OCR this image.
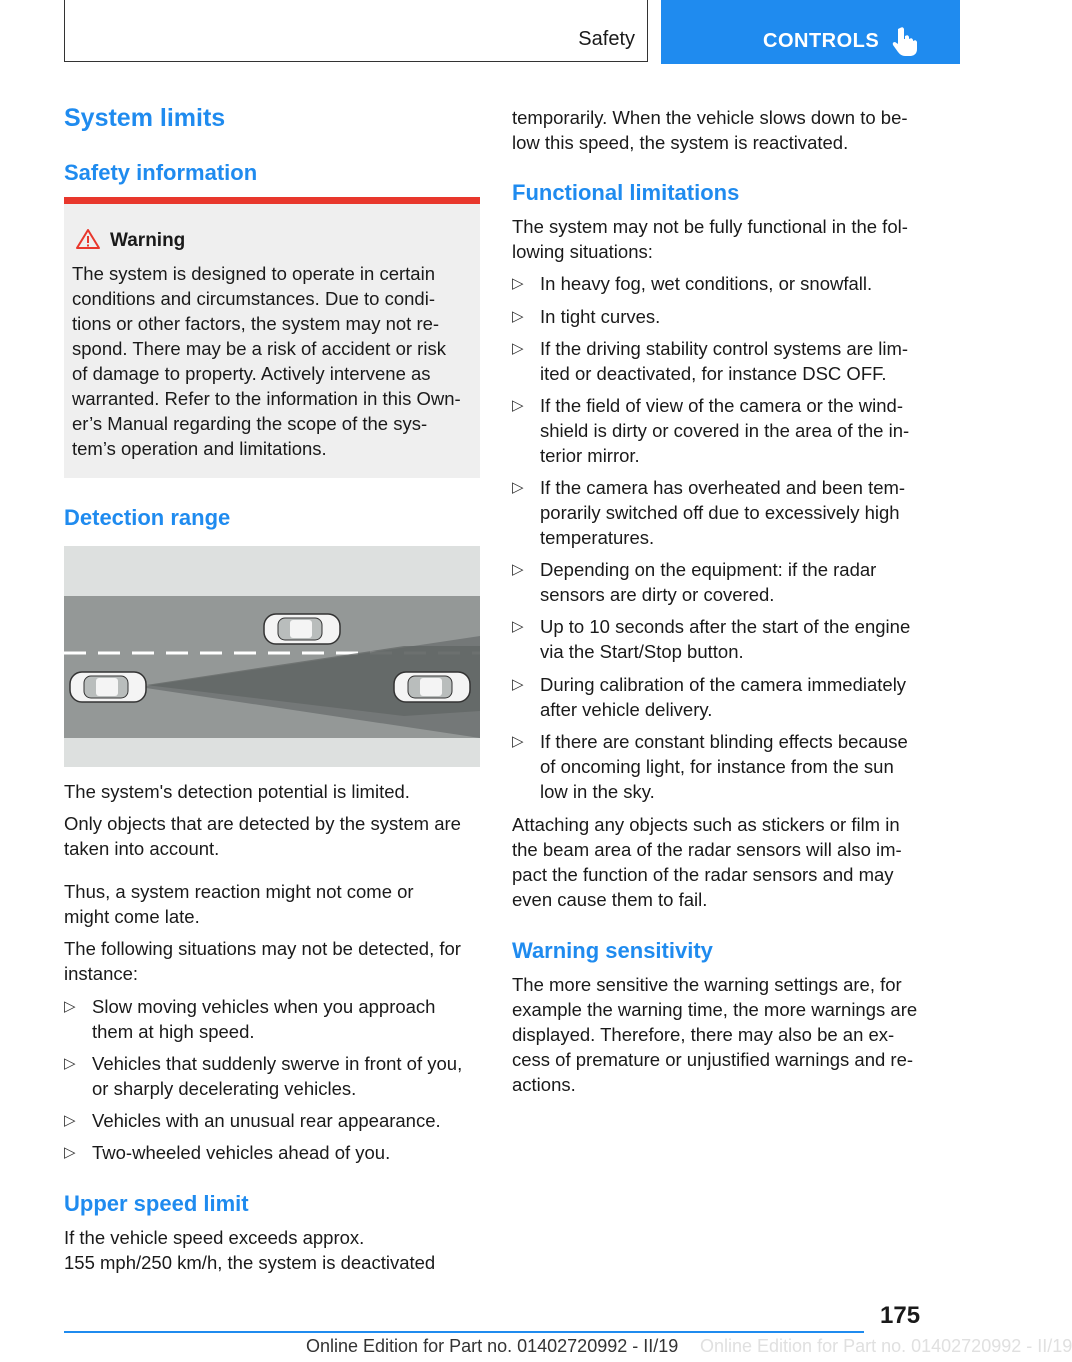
Safety	CONTROLS
System limits
Safety information
Warning
The system is designed to operate in certain
conditions and circumstances. Due to condi-
tions or other factors, the system may not re-
spond. There may be a risk of accident or risk
of damage to property. Actively intervene as
warranted. Refer to the information in this Own-
er’s Manual regarding the scope of the sys-
tem’s operation and limitations.
Detection range
The system's detection potential is limited.
Only objects that are detected by the system are
taken into account.
Thus, a system reaction might not come or
might come late.
The following situations may not be detected, for
instance:
▷ Slow moving vehicles when you approach
them at high speed.
▷ Vehicles that suddenly swerve in front of you,
or sharply decelerating vehicles.
▷ Vehicles with an unusual rear appearance.
▷ Two-wheeled vehicles ahead of you.
Upper speed limit
If the vehicle speed exceeds approx.
155 mph/250 km/h, the system is deactivated
temporarily. When the vehicle slows down to be-
low this speed, the system is reactivated.
Functional limitations
The system may not be fully functional in the fol-
lowing situations:
▷ In heavy fog, wet conditions, or snowfall.
▷ In tight curves.
▷ If the driving stability control systems are lim-
ited or deactivated, for instance DSC OFF.
▷ If the field of view of the camera or the wind-
shield is dirty or covered in the area of the in-
terior mirror.
▷ If the camera has overheated and been tem-
porarily switched off due to excessively high
temperatures.
▷ Depending on the equipment: if the radar
sensors are dirty or covered.
▷ Up to 10 seconds after the start of the engine
via the Start/Stop button.
▷ During calibration of the camera immediately
after vehicle delivery.
▷ If there are constant blinding effects because
of oncoming light, for instance from the sun
low in the sky.
Attaching any objects such as stickers or film in
the beam area of the radar sensors will also im-
pact the function of the radar sensors and may
even cause them to fail.
Warning sensitivity
The more sensitive the warning settings are, for
example the warning time, the more warnings are
displayed. Therefore, there may also be an ex-
cess of premature or unjustified warnings and re-
actions.
175
Online Edition for Part no. 01402720992 - II/19
Online Edition for Part no. 01402720992 - II/19
